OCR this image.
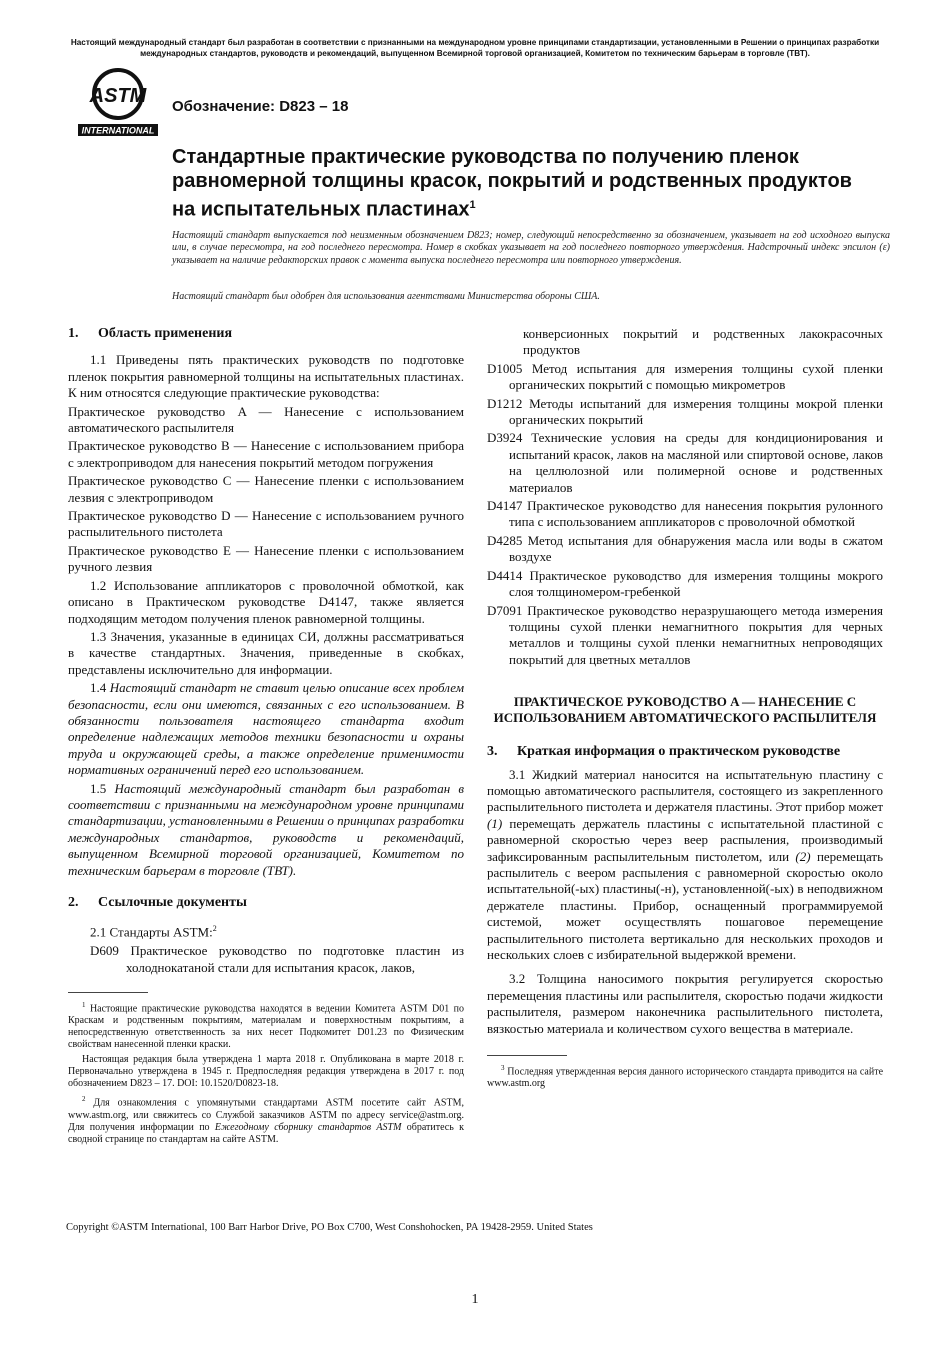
Настоящий международный стандарт был разработан в соответствии с признанными на международном уровне принципами стандартизации, установленными в Решении о принципах разработки международных стандартов, руководств и рекомендаций, выпущенном Всемирной торговой организацией, Комитетом по техническим барьерам в торговле (ТВТ).
ASTM
INTERNATIONAL
Обозначение: D823 – 18
Стандартные практические руководства по получению пленок равномерной толщины красок, покрытий и родственных продуктов на испытательных пластинах$^1$
Настоящий стандарт выпускается под неизменным обозначением D823; номер, следующий непосредственно за обозначением, указывает на год исходного выпуска или, в случае пересмотра, на год последнего пересмотра. Номер в скобках указывает на год последнего повторного утверждения. Надстрочный индекс эпсилон (ε) указывает на наличие редакторских правок с момента выпуска последнего пересмотра или повторного утверждения.
Настоящий стандарт был одобрен для использования агентствами Министерства обороны США.
1.	Область применения

1.1 Приведены пять практических руководств по подготовке пленок покрытия равномерной толщины на испытательных пластинах. К ним относятся следующие практические руководства:

Практическое руководство A — Нанесение с использованием автоматического распылителя

Практическое руководство B — Нанесение с использованием прибора с электроприводом для нанесения покрытий методом погружения

Практическое руководство C — Нанесение пленки с использованием лезвия с электроприводом

Практическое руководство D — Нанесение с использованием ручного распылительного пистолета

Практическое руководство E — Нанесение пленки с использованием ручного лезвия

1.2 Использование аппликаторов с проволочной обмоткой, как описано в Практическом руководстве D4147, также является подходящим методом получения пленок равномерной толщины.

1.3 Значения, указанные в единицах СИ, должны рассматриваться в качестве стандартных. Значения, приведенные в скобках, представлены исключительно для информации.

1.4 Настоящий стандарт не ставит целью описание всех проблем безопасности, если они имеются, связанных с его использованием. В обязанности пользователя настоящего стандарта входит определение надлежащих методов техники безопасности и охраны труда и окружающей среды, а также определение применимости нормативных ограничений перед его использованием.

1.5 Настоящий международный стандарт был разработан в соответствии с признанными на международном уровне принципами стандартизации, установленными в Решении о принципах разработки международных стандартов, руководств и рекомендаций, выпущенном Всемирной торговой организацией, Комитетом по техническим барьерам в торговле (ТВТ).

2.	Ссылочные документы

2.1 Стандарты ASTM:$^2$

D609 Практическое руководство по подготовке пластин из холоднокатаной стали для испытания красок, лаков,

$^1$ Настоящие практические руководства находятся в ведении Комитета ASTM D01 по Краскам и родственным покрытиям, материалам и поверхностным покрытиям, а непосредственную ответственность за них несет Подкомитет D01.23 по Физическим свойствам нанесенной пленки краски.

Настоящая редакция была утверждена 1 марта 2018 г. Опубликована в марте 2018 г. Первоначально утверждена в 1945 г. Предпоследняя редакция утверждена в 2017 г. под обозначением D823 – 17. DOI: 10.1520/D0823-18.

$^2$ Для ознакомления с упомянутыми стандартами ASTM посетите сайт ASTM, www.astm.org, или свяжитесь со Службой заказчиков ASTM по адресу service@astm.org. Для получения информации по Ежегодному сборнику стандартов ASTM обратитесь к сводной странице по стандартам на сайте ASTM.

конверсионных покрытий и родственных лакокрасочных продуктов

D1005 Метод испытания для измерения толщины сухой пленки органических покрытий с помощью микрометров

D1212 Методы испытаний для измерения толщины мокрой пленки органических покрытий

D3924 Технические условия на среды для кондиционирования и испытаний красок, лаков на масляной или спиртовой основе, лаков на целлюлозной или полимерной основе и родственных материалов

D4147 Практическое руководство для нанесения покрытия рулонного типа с использованием аппликаторов с проволочной обмоткой

D4285 Метод испытания для обнаружения масла или воды в сжатом воздухе

D4414 Практическое руководство для измерения толщины мокрого слоя толщиномером-гребенкой

D7091 Практическое руководство неразрушающего метода измерения толщины сухой пленки немагнитного покрытия для черных металлов и толщины сухой пленки немагнитных непроводящих покрытий для цветных металлов

ПРАКТИЧЕСКОЕ РУКОВОДСТВО A — НАНЕСЕНИЕ С ИСПОЛЬЗОВАНИЕМ АВТОМАТИЧЕСКОГО РАСПЫЛИТЕЛЯ
3.	Краткая информация о практическом руководстве

3.1 Жидкий материал наносится на испытательную пластину с помощью автоматического распылителя, состоящего из закрепленного распылительного пистолета и держателя пластины. Этот прибор может (1) перемещать держатель пластины с испытательной пластиной с равномерной скоростью через веер распыления, производимый зафиксированным распылительным пистолетом, или (2) перемещать распылитель с веером распыления с равномерной скоростью около испытательной(-ых) пластины(-н), установленной(-ых) в неподвижном держателе пластины. Прибор, оснащенный программируемой системой, может осуществлять пошаговое перемещение распылительного пистолета вертикально для нескольких проходов и нескольких слоев с избирательной выдержкой времени.

3.2 Толщина наносимого покрытия регулируется скоростью перемещения пластины или распылителя, скоростью подачи жидкости распылителя, размером наконечника распылительного пистолета, вязкостью материала и количеством сухого вещества в материале.

$^3$ Последняя утвержденная версия данного исторического стандарта приводится на сайте www.astm.org

Copyright ©ASTM International, 100 Barr Harbor Drive, PO Box C700, West Conshohocken, PA 19428-2959. United States
1
